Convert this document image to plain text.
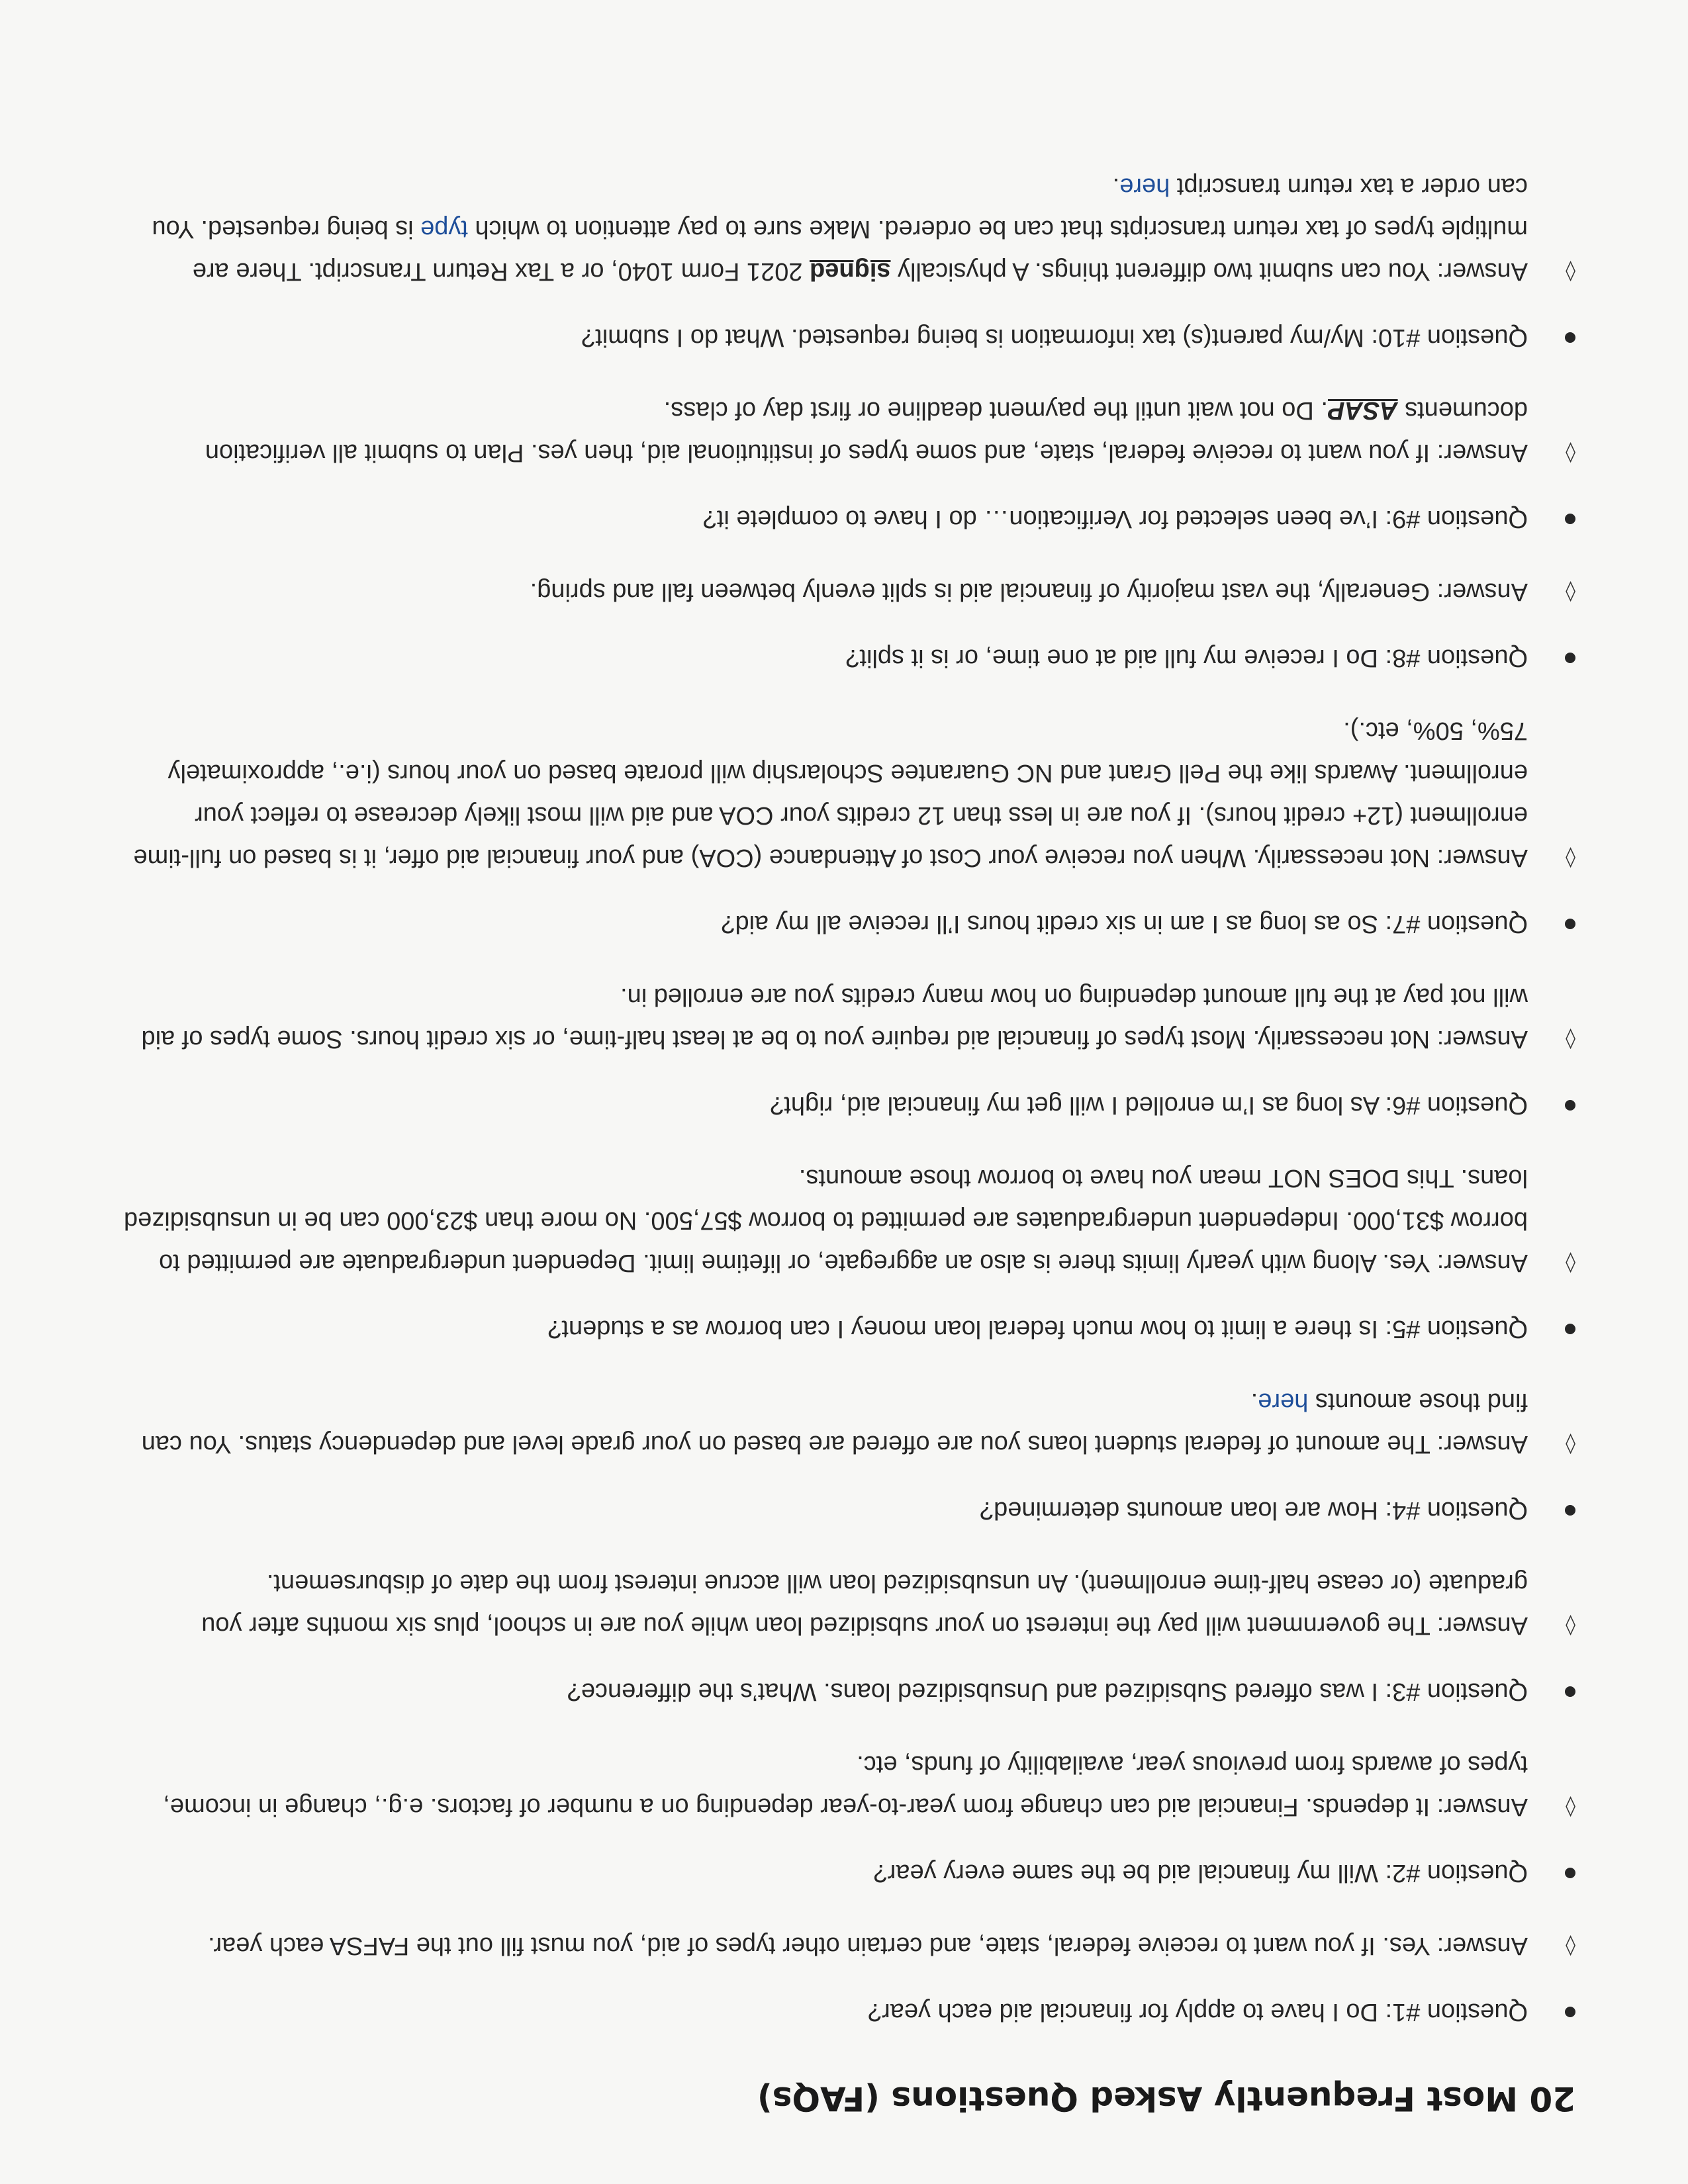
20 Most Frequently Asked Questions (FAQs)
Question #1: Do I have to apply for financial aid each year?
◊
Answer: Yes. If you want to receive federal, state, and certain other types of aid, you must fill out the FAFSA each year.
Question #2: Will my financial aid be the same every year?
◊
Answer: It depends. Financial aid can change from year-to-year depending on a number of factors. e.g., change in income, types of awards from previous year, availability of funds, etc.
Question #3: I was offered Subsidized and Unsubsidized loans. What’s the difference?
◊
Answer: The government will pay the interest on your subsidized loan while you are in school, plus six months after you graduate (or cease half-time enrollment). An unsubsidized loan will accrue interest from the date of disbursement.
Question #4: How are loan amounts determined?
◊
Answer: The amount of federal student loans you are offered are based on your grade level and dependency status. You can find those amounts here.
Question #5: Is there a limit to how much federal loan money I can borrow as a student?
◊
Answer: Yes. Along with yearly limits there is also an aggregate, or lifetime limit. Dependent undergraduate are permitted to borrow $31,000. Independent undergraduates are permitted to borrow $57,500. No more than $23,000 can be in unsubsidized loans. This DOES NOT mean you have to borrow those amounts.
Question #6: As long as I’m enrolled I will get my financial aid, right?
◊
Answer: Not necessarily. Most types of financial aid require you to be at least half-time, or six credit hours. Some types of aid will not pay at the full amount depending on how many credits you are enrolled in.
Question #7: So as long as I am in six credit hours I’ll receive all my aid?
◊
Answer: Not necessarily. When you receive your Cost of Attendance (COA) and your financial aid offer, it is based on full-time enrollment (12+ credit hours). If you are in less than 12 credits your COA and aid will most likely decrease to reflect your enrollment. Awards like the Pell Grant and NC Guarantee Scholarship will prorate based on your hours (i.e., approximately 75%, 50%, etc.).
Question #8: Do I receive my full aid at one time, or is it split?
◊
Answer: Generally, the vast majority of financial aid is split evenly between fall and spring.
Question #9: I’ve been selected for Verification… do I have to complete it?
◊
Answer: If you want to receive federal, state, and some types of institutional aid, then yes. Plan to submit all verification documents ASAP. Do not wait until the payment deadline or first day of class.
Question #10: My/my parent(s) tax information is being requested. What do I submit?
◊
Answer: You can submit two different things. A physically signed 2021 Form 1040, or a Tax Return Transcript. There are multiple types of tax return transcripts that can be ordered. Make sure to pay attention to which type is being requested. You can order a tax return transcript here.
